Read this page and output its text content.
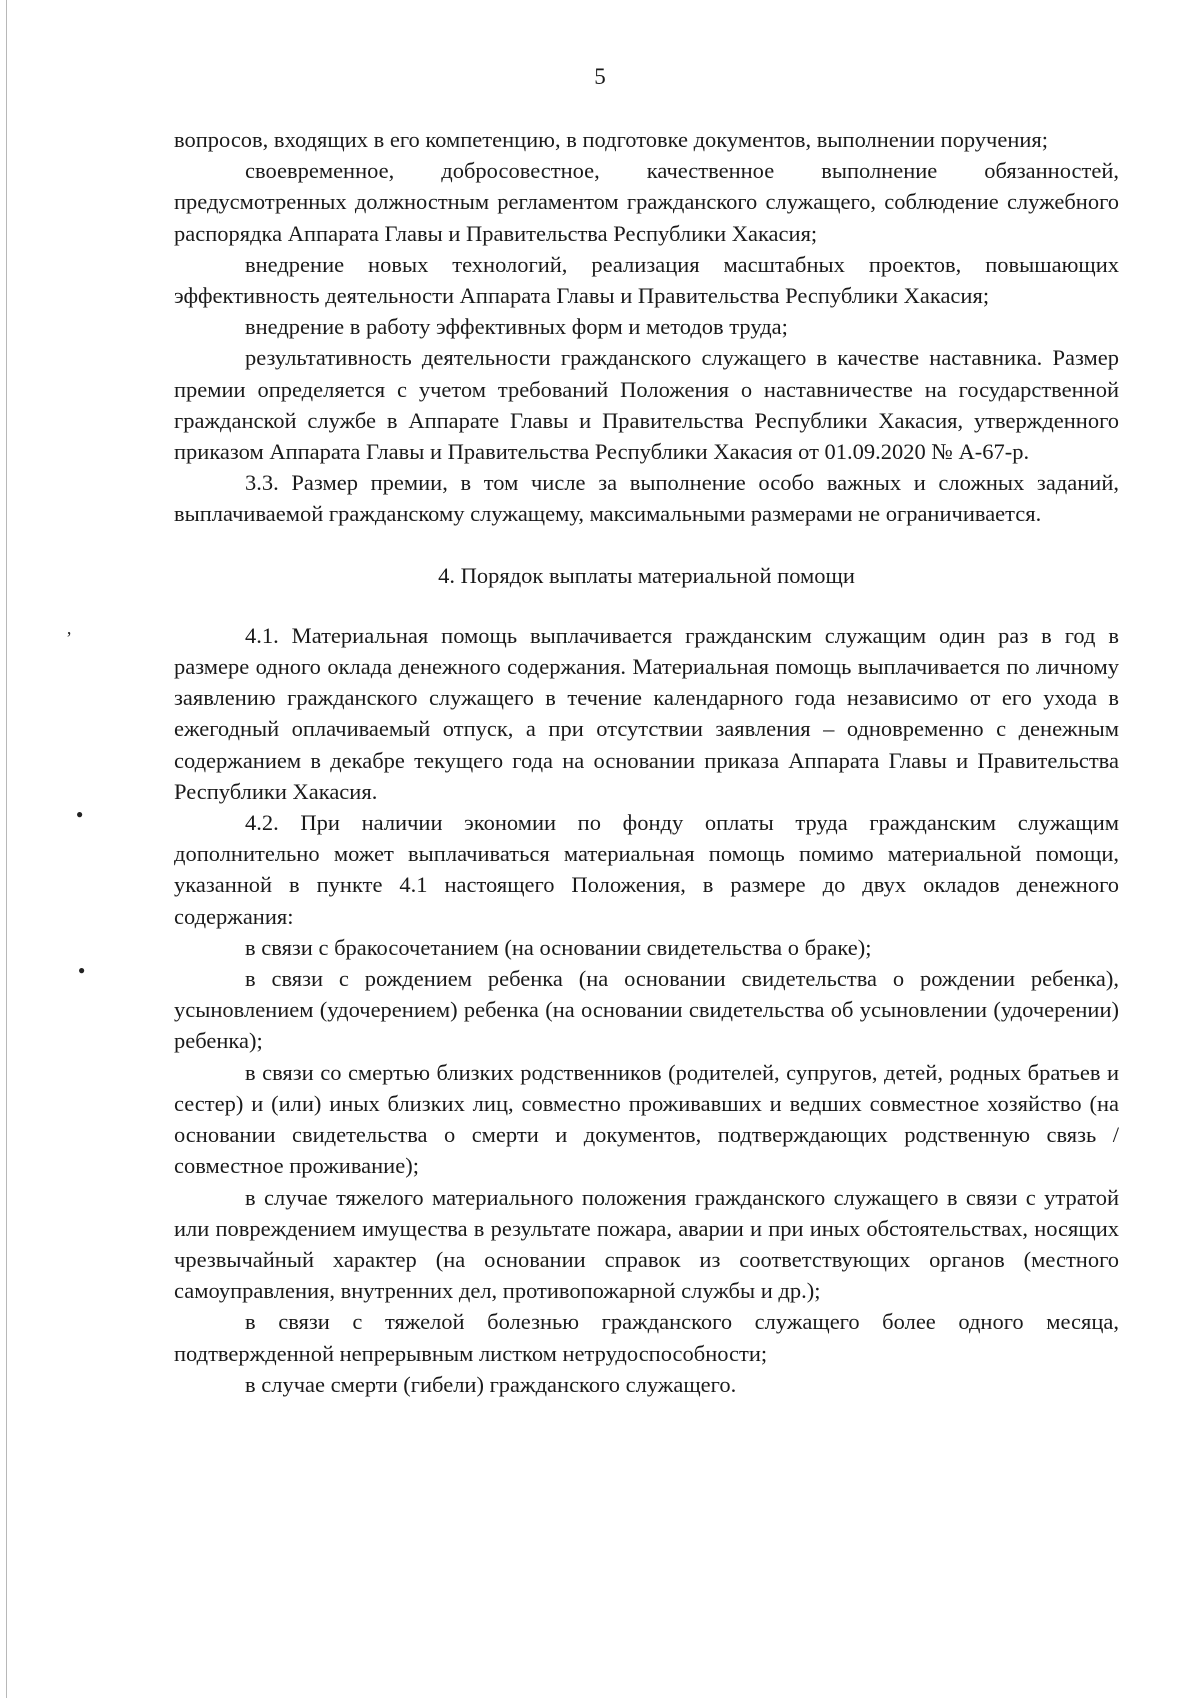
’
●
●
5

вопросов, входящих в его компетенцию, в подготовке документов, выполнении поручения;

своевременное, добросовестное, качественное выполнение обязанностей, предусмотренных должностным регламентом гражданского служащего, соблюдение служебного распорядка Аппарата Главы и Правительства Республики Хакасия;

внедрение новых технологий, реализация масштабных проектов, повышающих эффективность деятельности Аппарата Главы и Правительства Республики Хакасия;

внедрение в работу эффективных форм и методов труда;

результативность деятельности гражданского служащего в качестве наставника. Размер премии определяется с учетом требований Положения о наставничестве на государственной гражданской службе в Аппарате Главы и Правительства Республики Хакасия, утвержденного приказом Аппарата Главы и Правительства Республики Хакасия от 01.09.2020 № А-67-р.

3.3. Размер премии, в том числе за выполнение особо важных и сложных заданий, выплачиваемой гражданскому служащему, максимальными размерами не ограничивается.

4. Порядок выплаты материальной помощи

4.1. Материальная помощь выплачивается гражданским служащим один раз в год в размере одного оклада денежного содержания. Материальная помощь выплачивается по личному заявлению гражданского служащего в течение календарного года независимо от его ухода в ежегодный оплачиваемый отпуск, а при отсутствии заявления – одновременно с денежным содержанием в декабре текущего года на основании приказа Аппарата Главы и Правительства Республики Хакасия.

4.2. При наличии экономии по фонду оплаты труда гражданским служащим дополнительно может выплачиваться материальная помощь помимо материальной помощи, указанной в пункте 4.1 настоящего Положения, в размере до двух окладов денежного содержания:

в связи с бракосочетанием (на основании свидетельства о браке);

в связи с рождением ребенка (на основании свидетельства о рождении ребенка), усыновлением (удочерением) ребенка (на основании свидетельства об усыновлении (удочерении) ребенка);

в связи со смертью близких родственников (родителей, супругов, детей, родных братьев и сестер) и (или) иных близких лиц, совместно проживавших и ведших совместное хозяйство (на основании свидетельства о смерти и документов, подтверждающих родственную связь / совместное проживание);

в случае тяжелого материального положения гражданского служащего в связи с утратой или повреждением имущества в результате пожара, аварии и при иных обстоятельствах, носящих чрезвычайный характер (на основании справок из соответствующих органов (местного самоуправления, внутренних дел, противопожарной службы и др.);

в связи с тяжелой болезнью гражданского служащего более одного месяца, подтвержденной непрерывным листком нетрудоспособности;

в случае смерти (гибели) гражданского служащего.
